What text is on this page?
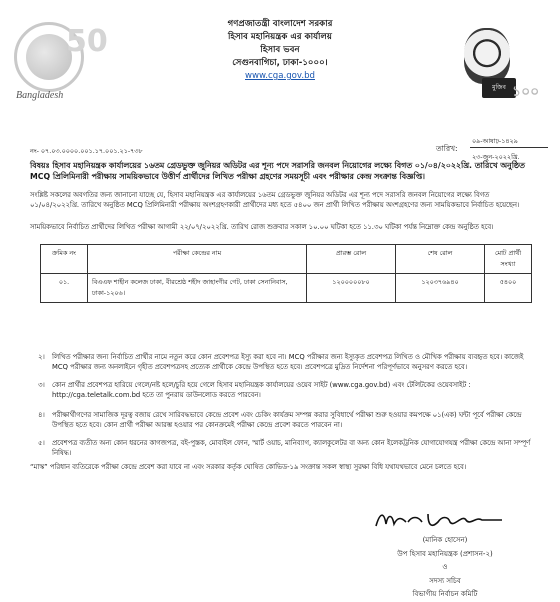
50
Bangladesh
গণপ্রজাতন্ত্রী বাংলাদেশ সরকার
হিসাব মহানিয়ন্ত্রক এর কার্যালয়
হিসাব ভবন
সেগুনবাগিচা, ঢাকা-১০০০।
www.cga.gov.bd
মুজিব ১০০
নং- ০৭.০৩.০০০০.০০১.১৭.০০১.২১-৭৩৮	তারিখ:
০৯-আষাঢ়-১৪২৯
২৩-জুন-২০২২খ্রি.
বিষয়ঃ হিসাব মহানিয়ন্ত্রক কার্যালয়ের ১৬তম গ্রেডভুক্ত জুনিয়র অডিটর এর শূন্য পদে সরাসরি জনবল নিয়োগের লক্ষ্যে বিগত ০১/০৪/২০২২খ্রি. তারিখে অনুষ্ঠিত MCQ প্রিলিমিনারী পরীক্ষায় সাময়িকভাবে উত্তীর্ণ প্রার্থীদের লিখিত পরীক্ষা গ্রহণের সময়সূচী এবং পরীক্ষার কেন্দ্র সংক্রান্ত বিজ্ঞপ্তি।
সংশ্লিষ্ট সকলের অবগতির জন্য জানানো যাচ্ছে যে, হিসাব মহানিয়ন্ত্রক এর কার্যালয়ের ১৬তম গ্রেডভুক্ত জুনিয়র অডিটর এর শূন্য পদে সরাসরি জনবল নিয়োগের লক্ষ্যে বিগত ০১/০৪/২০২২খ্রি. তারিখে অনুষ্ঠিত MCQ প্রিলিমিনারী পরীক্ষায় অংশগ্রহণকারী প্রার্থীদের মধ্য হতে ৫৪০০ জন প্রার্থী লিখিত পরীক্ষায় অংশগ্রহণের জন্য সাময়িকভাবে নির্বাচিত হয়েছেন।
সাময়িকভাবে নির্বাচিত প্রার্থীদের লিখিত পরীক্ষা আগামী ২২/০৭/২০২২খ্রি. তারিখ রোজ শুক্রবার সকাল ১০.০০ ঘটিকা হতে ১১.৩০ ঘটিকা পর্যন্ত নিম্নোক্ত কেন্দ্র অনুষ্ঠিত হবে।
ক্রমিক নং	পরীক্ষা কেন্দ্রের নাম	প্রারম্ভ রোল	শেষ রোল	মোট প্রার্থী সংখ্যা
০১.	বিএএফ শাহীন কলেজ ঢাকা, বীরশ্রেষ্ঠ শহীদ জাহাংগীর গেট, ঢাকা সেনানিবাস, ঢাকা-১২০৬।	১২০০০০০৮০	১২০৩৭৬৯৪০	৫৪০০
২। লিখিত পরীক্ষার জন্য নির্বাচিত প্রার্থীর নামে নতুন করে কোন প্রবেশপত্র ইস্যু করা হবে না। MCQ পরীক্ষার জন্য ইস্যুকৃত প্রবেশপত্র লিখিত ও মৌখিক পরীক্ষায় ব্যবহৃত হবে। কাজেই MCQ পরীক্ষার জন্য অনলাইনে গৃহীত প্রবেশপত্রসহ প্রত্যেক প্রার্থীকে কেন্দ্রে উপস্থিত হতে হবে। প্রবেশপত্রে মুদ্রিত নির্দেশনা পরিপূর্ণভাবে অনুসরণ করতে হবে।
৩। কোন প্রার্থীর প্রবেশপত্র হারিয়ে গেলে/নষ্ট হলে/চুরি হয়ে গেলে হিসাব মহানিয়ন্ত্রক কার্যালয়ের ওয়েব সাইট (www.cga.gov.bd) এবং টেলিটকের ওয়েবসাইট : http://cga.teletalk.com.bd হতে তা পুনরায় ডাউনলোড করতে পারবেন।
৪। পরীক্ষার্থীগণের সামাজিক দূরত্ব বজায় রেখে সারিবদ্ধভাবে কেন্দ্রে প্রবেশ এবং চেকিং কার্যক্রম সম্পন্ন করার সুবিধার্থে পরীক্ষা শুরু হওয়ার কমপক্ষে ০১(এক) ঘন্টা পূর্বে পরীক্ষা কেন্দ্রে উপস্থিত হতে হবে। কোন প্রার্থী পরীক্ষা আরম্ভ হওয়ার পর কোনক্রমেই পরীক্ষা কেন্দ্রে প্রবেশ করতে পারবেন না।
৫। প্রবেশপত্র ব্যতীত অন্য কোন ধরনের কাগজপত্র, বই-পুস্তক, মোবাইল ফোন, স্মার্ট ওয়াচ, মানিব্যাগ, ক্যালকুলেটর বা অন্য কোন ইলেকট্রনিক যোগাযোগযন্ত্র পরীক্ষা কেন্দ্রে আনা সম্পূর্ণ নিষিদ্ধ।
“মাস্ক” পরিধান ব্যতিরেকে পরীক্ষা কেন্দ্রে প্রবেশ করা যাবে না এবং সরকার কর্তৃক ঘোষিত কোভিড-১৯ সংক্রান্ত সকল স্বাস্থ্য সুরক্ষা বিধি যথাযথভাবে মেনে চলতে হবে।
(মানিক হোসেন)
উপ হিসাব মহানিয়ন্ত্রক (প্রশাসন-২)
ও
সদস্য সচিব
বিভাগীয় নির্বাচন কমিটি
